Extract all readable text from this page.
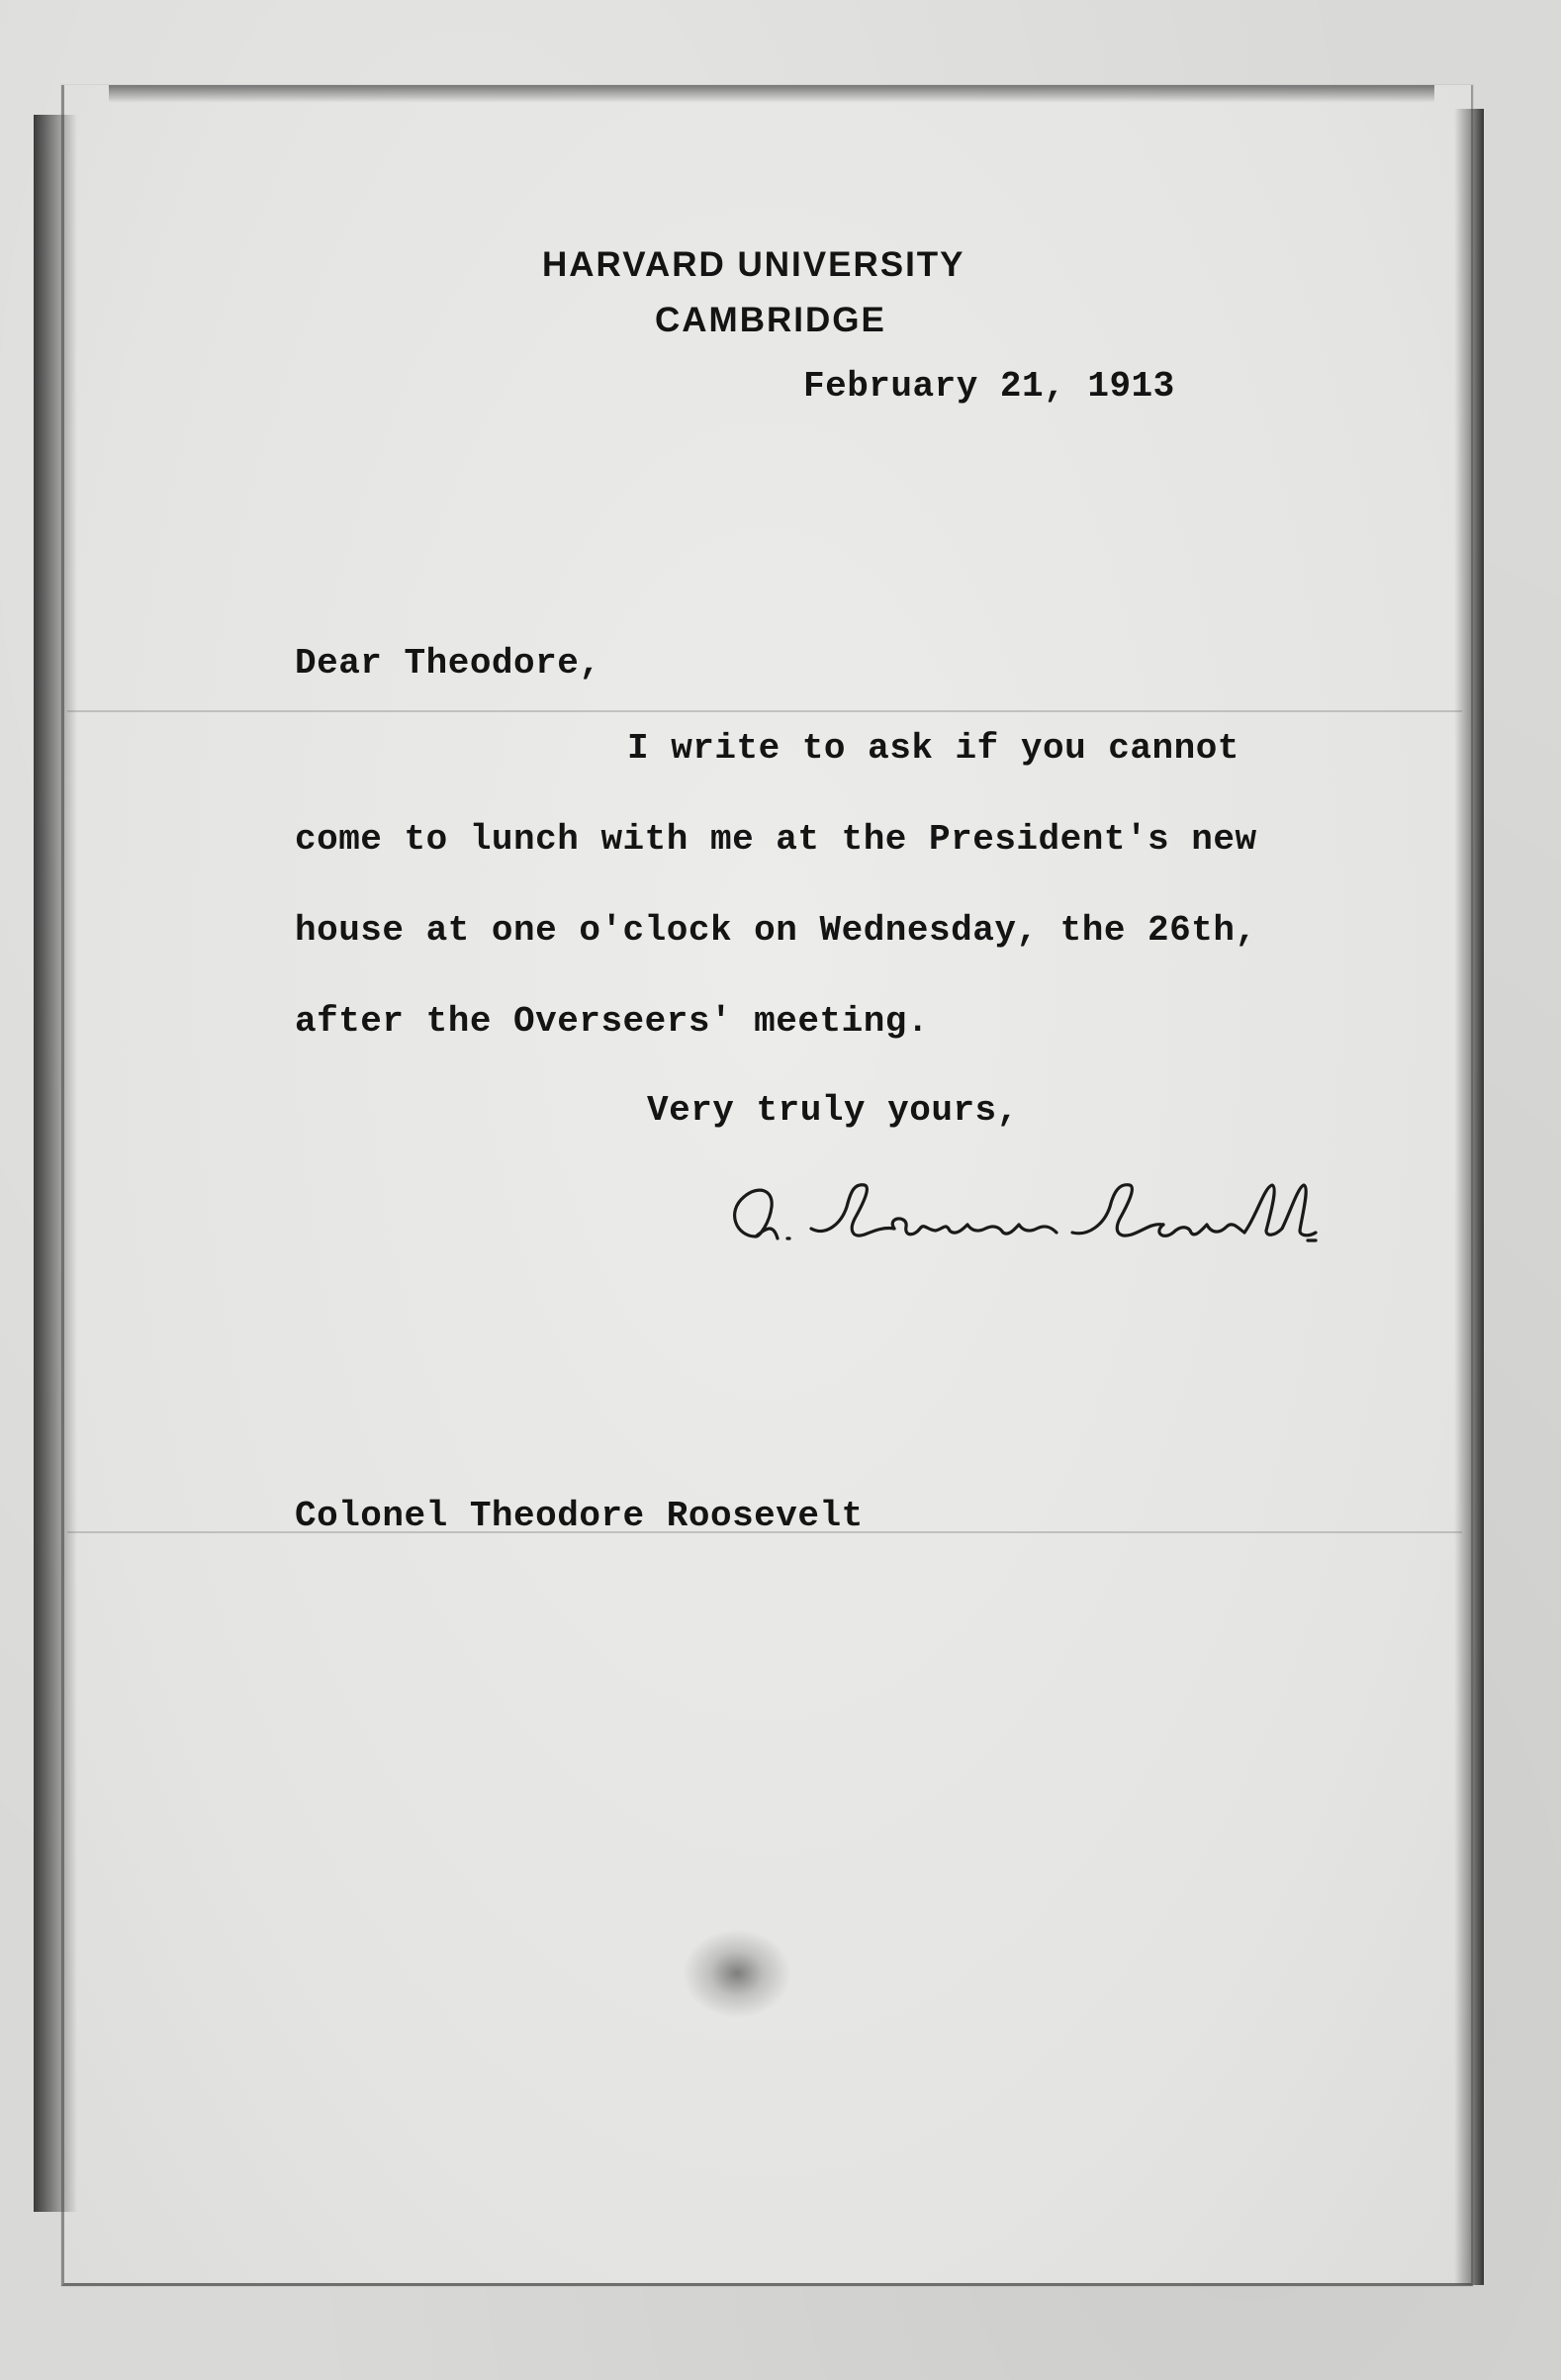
HARVARD UNIVERSITY
CAMBRIDGE
February 21, 1913
Dear Theodore,
I write to ask if you cannot
come to lunch with me at the President's new
house at one o'clock on Wednesday, the 26th,
after the Overseers' meeting.
Very truly yours,
Colonel Theodore Roosevelt
